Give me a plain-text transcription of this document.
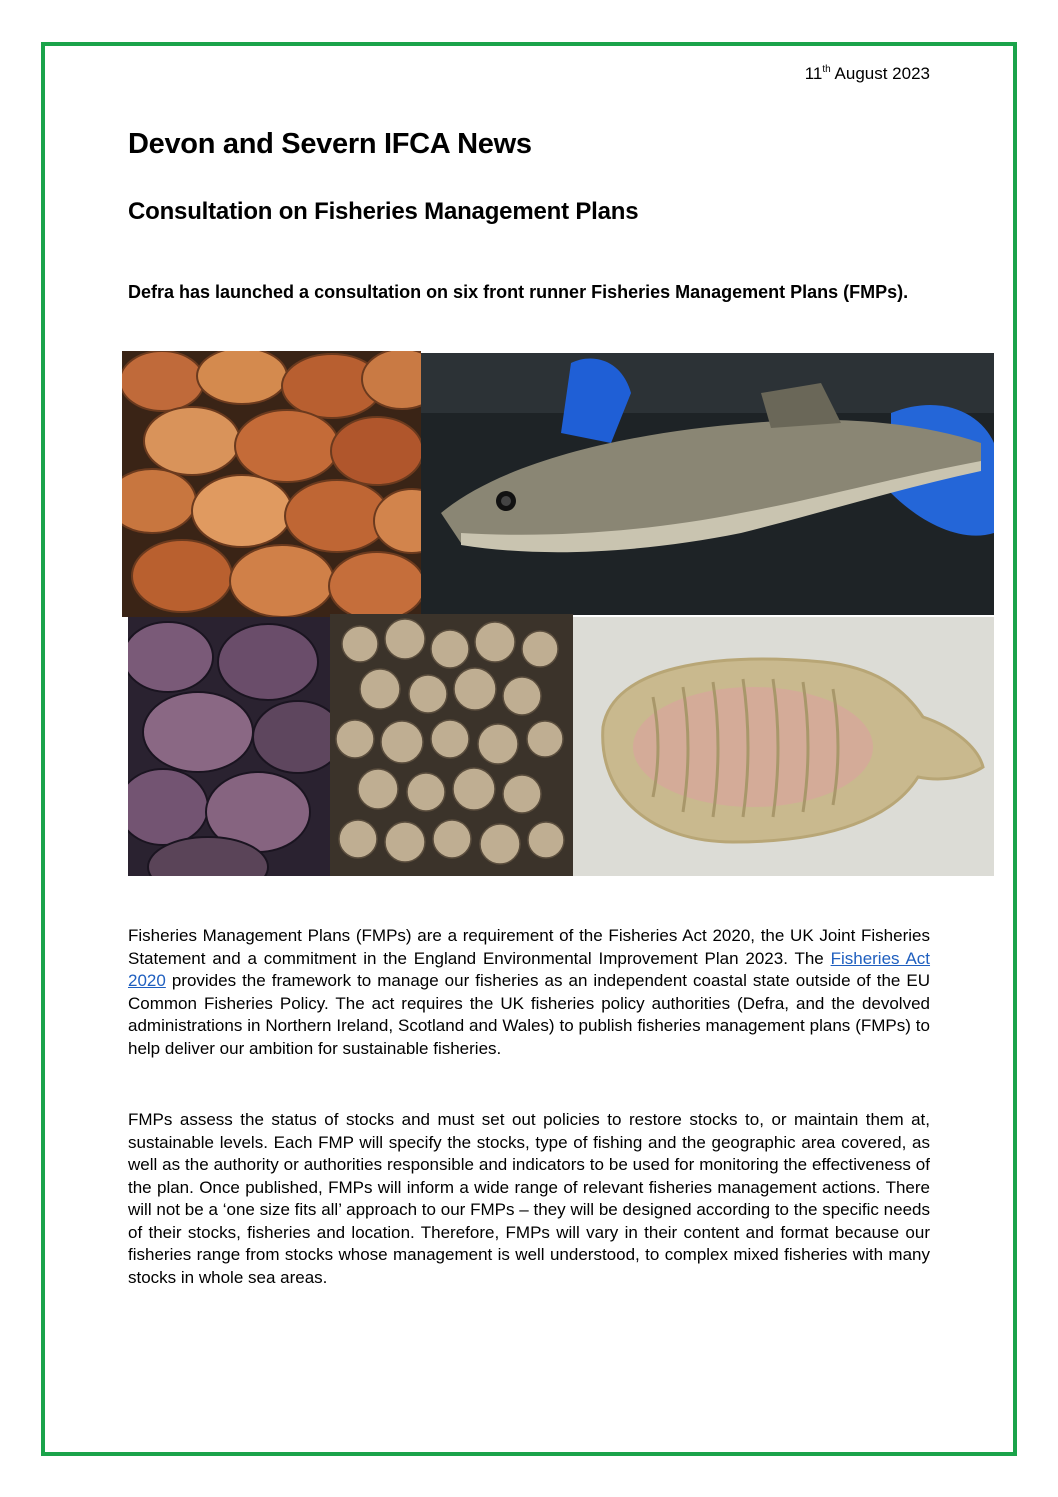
11th August 2023
Devon and Severn IFCA News
Consultation on Fisheries Management Plans

Defra has launched a consultation on six front runner Fisheries Management Plans (FMPs).

Fisheries Management Plans (FMPs) are a requirement of the Fisheries Act 2020, the UK Joint Fisheries Statement and a commitment in the England Environmental Improvement Plan 2023. The Fisheries Act 2020 provides the framework to manage our fisheries as an independent coastal state outside of the EU Common Fisheries Policy. The act requires the UK fisheries policy authorities (Defra, and the devolved administrations in Northern Ireland, Scotland and Wales) to publish fisheries management plans (FMPs) to help deliver our ambition for sustainable fisheries.

FMPs assess the status of stocks and must set out policies to restore stocks to, or maintain them at, sustainable levels. Each FMP will specify the stocks, type of fishing and the geographic area covered, as well as the authority or authorities responsible and indicators to be used for monitoring the effectiveness of the plan. Once published, FMPs will inform a wide range of relevant fisheries management actions. There will not be a ‘one size fits all’ approach to our FMPs – they will be designed according to the specific needs of their stocks, fisheries and location. Therefore, FMPs will vary in their content and format because our fisheries range from stocks whose management is well understood, to complex mixed fisheries with many stocks in whole sea areas.
